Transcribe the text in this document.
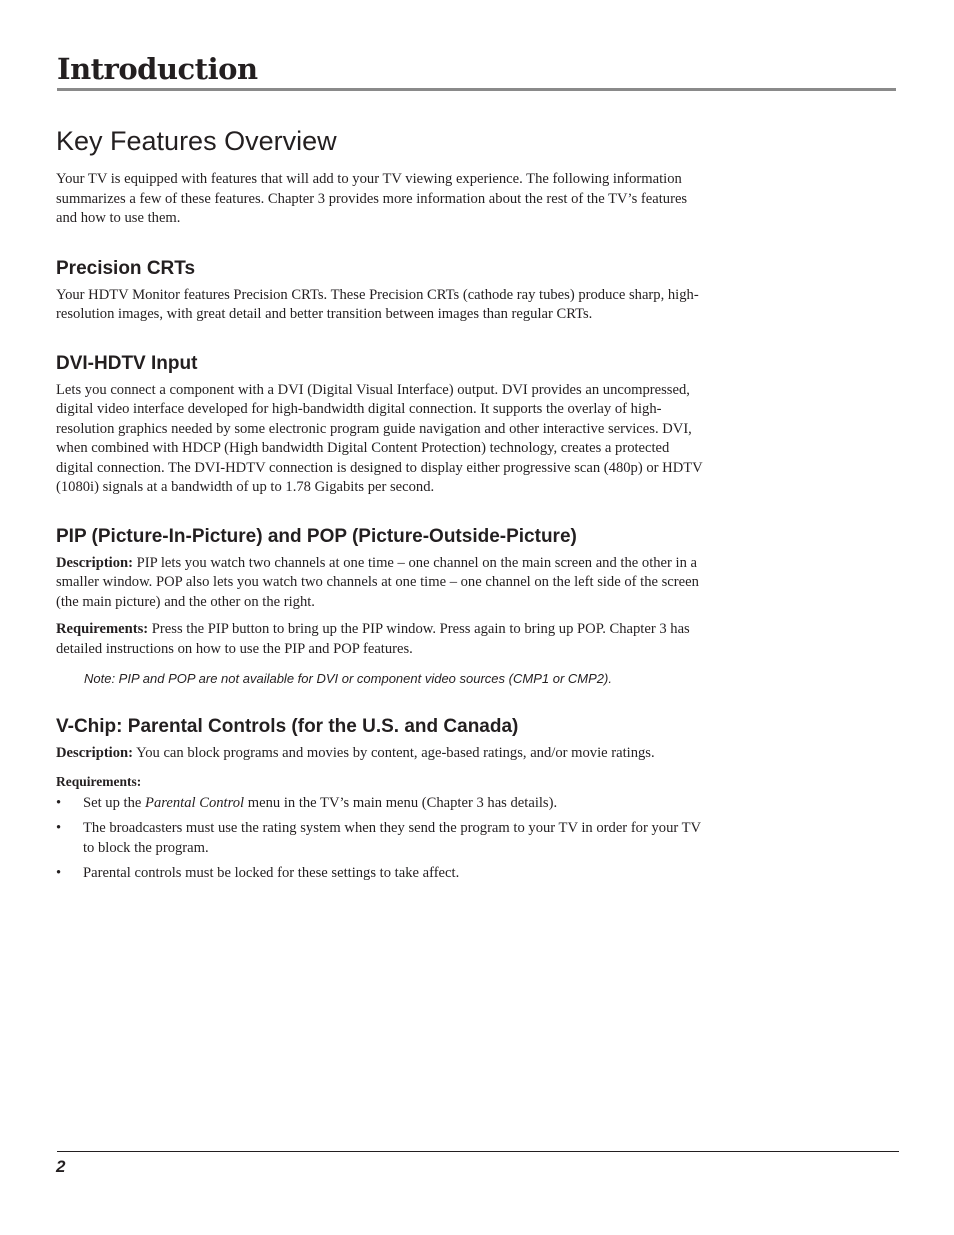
Introduction
Key Features Overview

Your TV is equipped with features that will add to your TV viewing experience. The following information summarizes a few of these features. Chapter 3 provides more information about the rest of the TV’s features and how to use them.

Precision CRTs

Your HDTV Monitor features Precision CRTs. These Precision CRTs (cathode ray tubes) produce sharp, high-resolution images, with great detail and better transition between images than regular CRTs.

DVI-HDTV Input

Lets you connect a component with a DVI (Digital Visual Interface) output. DVI provides an uncompressed, digital video interface developed for high-bandwidth digital connection. It supports the overlay of high-resolution graphics needed by some electronic program guide navigation and other interactive services. DVI, when combined with HDCP (High bandwidth Digital Content Protection) technology, creates a protected digital connection. The DVI-HDTV connection is designed to display either progressive scan (480p) or HDTV (1080i) signals at a bandwidth of up to 1.78 Gigabits per second.

PIP (Picture-In-Picture) and POP (Picture-Outside-Picture)

Description: PIP lets you watch two channels at one time – one channel on the main screen and the other in a smaller window. POP also lets you watch two channels at one time – one channel on the left side of the screen (the main picture) and the other on the right.

Requirements: Press the PIP button to bring up the PIP window. Press again to bring up POP. Chapter 3 has detailed instructions on how to use the PIP and POP features.

Note: PIP and POP are not available for DVI or component video sources (CMP1 or CMP2).

V-Chip: Parental Controls (for the U.S. and Canada)

Description: You can block programs and movies by content, age-based ratings, and/or movie ratings.

Requirements:

• Set up the Parental Control menu in the TV’s main menu (Chapter 3 has details).
• The broadcasters must use the rating system when they send the program to your TV in order for your TV to block the program.
• Parental controls must be locked for these settings to take affect.
2
